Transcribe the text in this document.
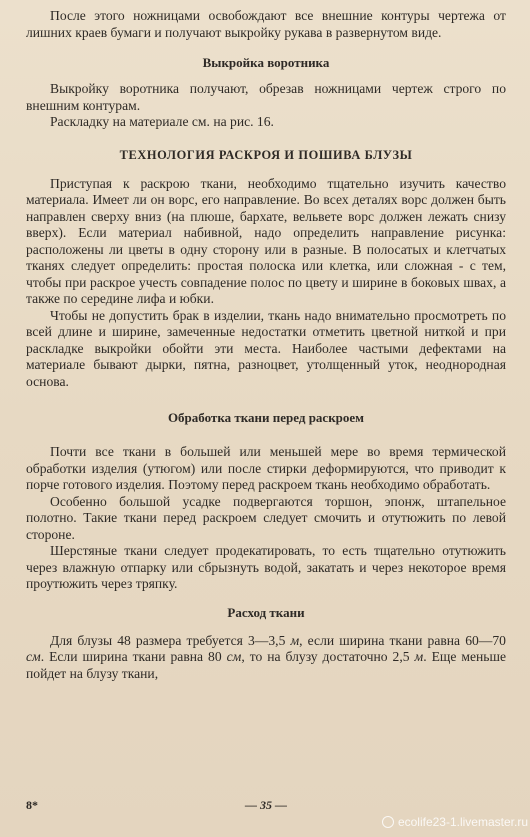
После этого ножницами освобождают все внешние контуры чертежа от лишних краев бумаги и получают выкройку рукава в развернутом виде.

Выкройка воротника

Выкройку воротника получают, обрезав ножницами чертеж строго по внешним контурам.

Раскладку на материале см. на рис. 16.

ТЕХНОЛОГИЯ РАСКРОЯ И ПОШИВА БЛУЗЫ

Приступая к раскрою ткани, необходимо тщательно изучить качество материала. Имеет ли он ворс, его направление. Во всех деталях ворс должен быть направлен сверху вниз (на плюше, бархате, вельвете ворс должен лежать снизу вверх). Если материал набивной, надо определить направление рисунка: расположены ли цветы в одну сторону или в разные. В полосатых и клетчатых тканях следует определить: простая полоска или клетка, или сложная - с тем, чтобы при раскрое учесть совпадение полос по цвету и ширине в боковых швах, а также по середине лифа и юбки.

Чтобы не допустить брак в изделии, ткань надо внимательно просмотреть по всей длине и ширине, замеченные недостатки отметить цветной ниткой и при раскладке выкройки обойти эти места. Наиболее частыми дефектами на материале бывают дырки, пятна, разноцвет, утолщенный уток, неоднородная основа.

Обработка ткани перед раскроем

Почти все ткани в большей или меньшей мере во время термической обработки изделия (утюгом) или после стирки деформируются, что приводит к порче готового изделия. Поэтому перед раскроем ткань необходимо обработать.

Особенно большой усадке подвергаются торшон, эпонж, штапельное полотно. Такие ткани перед раскроем следует смочить и отутюжить по левой стороне.

Шерстяные ткани следует продекатировать, то есть тщательно отутюжить через влажную отпарку или сбрызнуть водой, закатать и через некоторое время проутюжить через тряпку.

Расход ткани

Для блузы 48 размера требуется 3—3,5 м, если ширина ткани равна 60—70 см. Если ширина ткани равна 80 см, то на блузу достаточно 2,5 м. Еще меньше пойдет на блузу ткани,

8*	— 35 —
ecolife23-1.livemaster.ru
